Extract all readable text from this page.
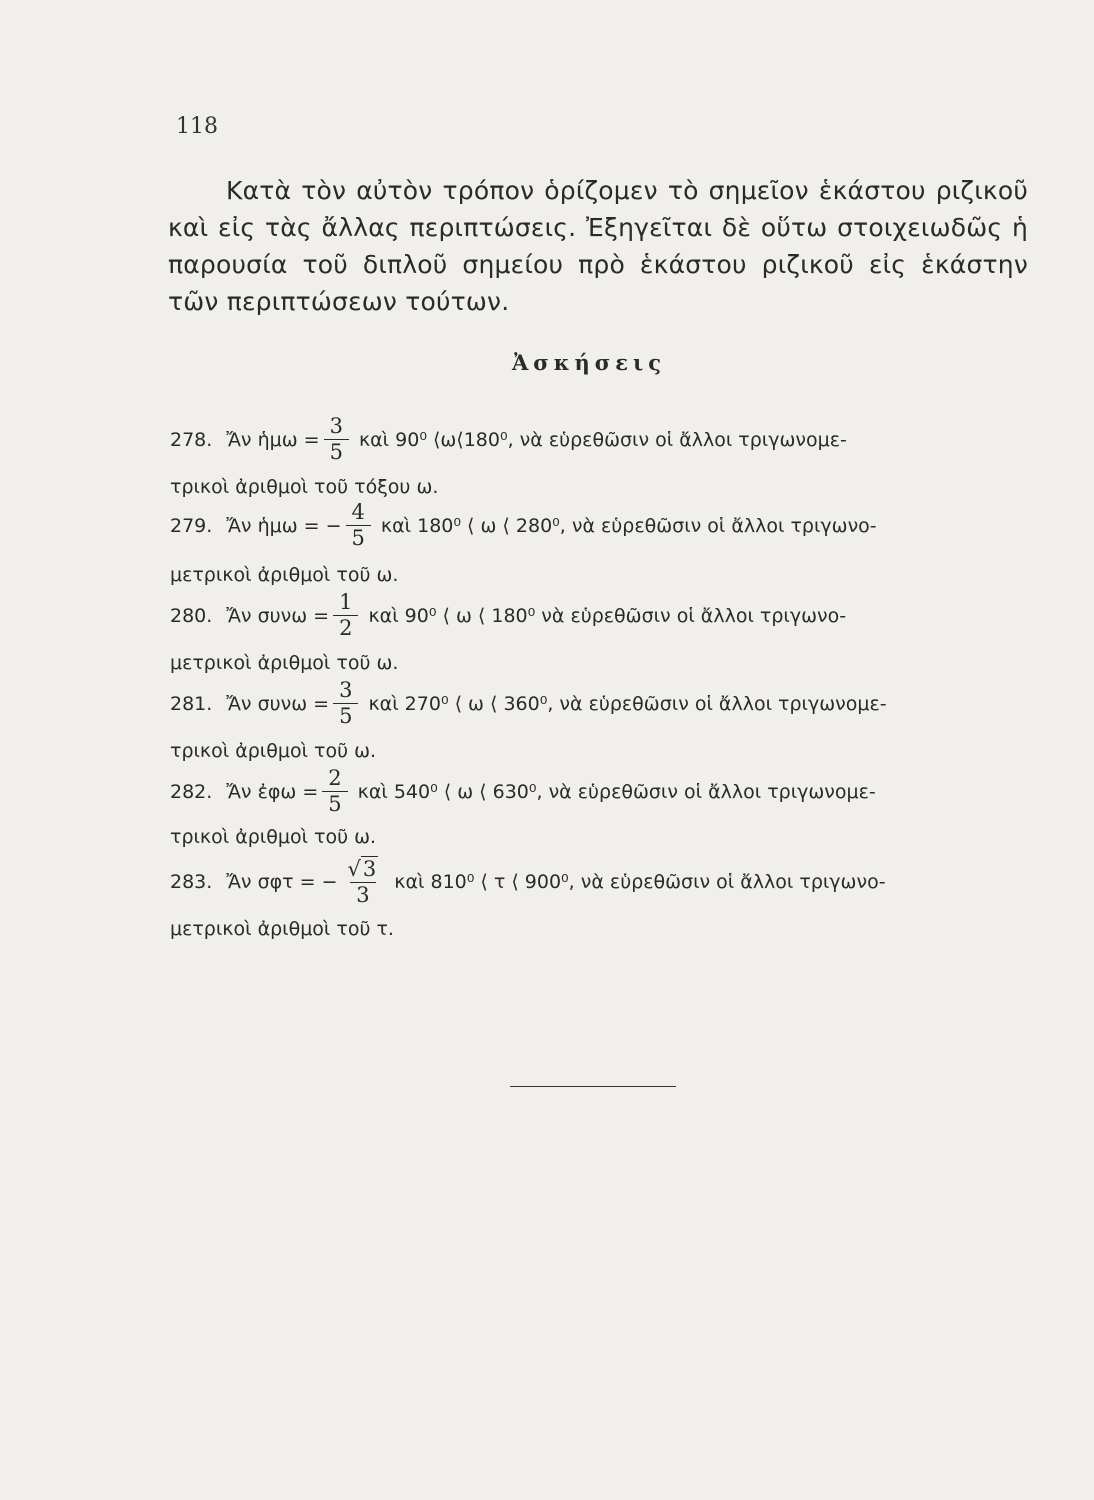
118
Κατὰ τὸν αὐτὸν τρόπον ὁρίζομεν τὸ σημεῖον ἑκάστου ριζικοῦ καὶ εἰς τὰς ἄλλας περιπτώσεις. Ἐξηγεῖται δὲ οὕτω στοιχειωδῶς ἡ παρουσία τοῦ διπλοῦ σημείου πρὸ ἑκάστου ριζικοῦ εἰς ἑκάστην τῶν περιπτώσεων τούτων.
Ἀσκήσεις
278. Ἄν ἡμω = $\frac{3}{5}$ καὶ 90⁰ ⟨ω⟨180⁰, νὰ εὑρεθῶσιν οἱ ἄλλοι τριγωνομε-
τρικοὶ ἀριθμοὶ τοῦ τόξου ω.
279. Ἄν ἡμω =
− $\frac{4}{5}$ καὶ 180⁰ ⟨ ω ⟨ 280⁰, νὰ εὑρεθῶσιν οἱ ἄλλοι τριγωνο-
μετρικοὶ ἀριθμοὶ τοῦ ω.
280. Ἄν $\sigma\upsilon\nu\omega = \frac{1}{2}$ καὶ 90⁰ ⟨ ω ⟨ 180⁰ νὰ εὑρεθῶσιν οἱ ἄλλοι τριγωνο-
μετρικοὶ ἀριθμοὶ τοῦ ω.
281. Ἄν $\sigma\upsilon\nu\omega = \frac{3}{5}$ καὶ 270⁰ ⟨ ω ⟨ 360⁰, νὰ εὑρεθῶσιν οἱ ἄλλοι τριγωνομε-
τρικοὶ ἀριθμοὶ τοῦ ω.
282. Ἄν ἐφω = $\frac{2}{5}$ καὶ 540⁰ ⟨ ω ⟨ 630⁰, νὰ εὑρεθῶσιν οἱ ἄλλοι τριγωνομε-
τρικοὶ ἀριθμοὶ τοῦ ω.
283. Ἄν σφτ =
− $\frac{√ 3}{3}$ καὶ 810⁰ ⟨ τ ⟨ 900⁰, νὰ εὑρεθῶσιν οἱ ἄλλοι τριγωνο-
μετρικοὶ ἀριθμοὶ τοῦ τ.
